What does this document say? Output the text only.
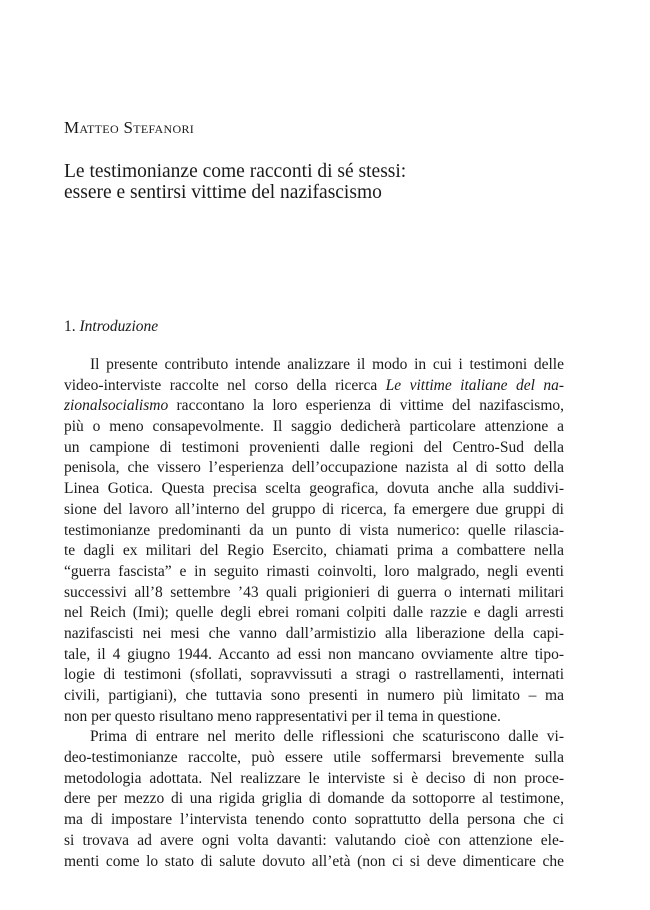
Matteo Stefanori
Le testimonianze come racconti di sé stessi:
essere e sentirsi vittime del nazifascismo
1. Introduzione
Il presente contributo intende analizzare il modo in cui i testimoni delle
video-interviste raccolte nel corso della ricerca Le vittime italiane del na-
zionalsocialismo raccontano la loro esperienza di vittime del nazifascismo,
più o meno consapevolmente. Il saggio dedicherà particolare attenzione a
un campione di testimoni provenienti dalle regioni del Centro-Sud della
penisola, che vissero l’esperienza dell’occupazione nazista al di sotto della
Linea Gotica. Questa precisa scelta geografica, dovuta anche alla suddivi-
sione del lavoro all’interno del gruppo di ricerca, fa emergere due gruppi di
testimonianze predominanti da un punto di vista numerico: quelle rilascia-
te dagli ex militari del Regio Esercito, chiamati prima a combattere nella
“guerra fascista” e in seguito rimasti coinvolti, loro malgrado, negli eventi
successivi all’8 settembre ’43 quali prigionieri di guerra o internati militari
nel Reich (Imi); quelle degli ebrei romani colpiti dalle razzie e dagli arresti
nazifascisti nei mesi che vanno dall’armistizio alla liberazione della capi-
tale, il 4 giugno 1944. Accanto ad essi non mancano ovviamente altre tipo-
logie di testimoni (sfollati, sopravvissuti a stragi o rastrellamenti, internati
civili, partigiani), che tuttavia sono presenti in numero più limitato – ma
non per questo risultano meno rappresentativi per il tema in questione.
Prima di entrare nel merito delle riflessioni che scaturiscono dalle vi-
deo-testimonianze raccolte, può essere utile soffermarsi brevemente sulla
metodologia adottata. Nel realizzare le interviste si è deciso di non proce-
dere per mezzo di una rigida griglia di domande da sottoporre al testimone,
ma di impostare l’intervista tenendo conto soprattutto della persona che ci
si trovava ad avere ogni volta davanti: valutando cioè con attenzione ele-
menti come lo stato di salute dovuto all’età (non ci si deve dimenticare che
